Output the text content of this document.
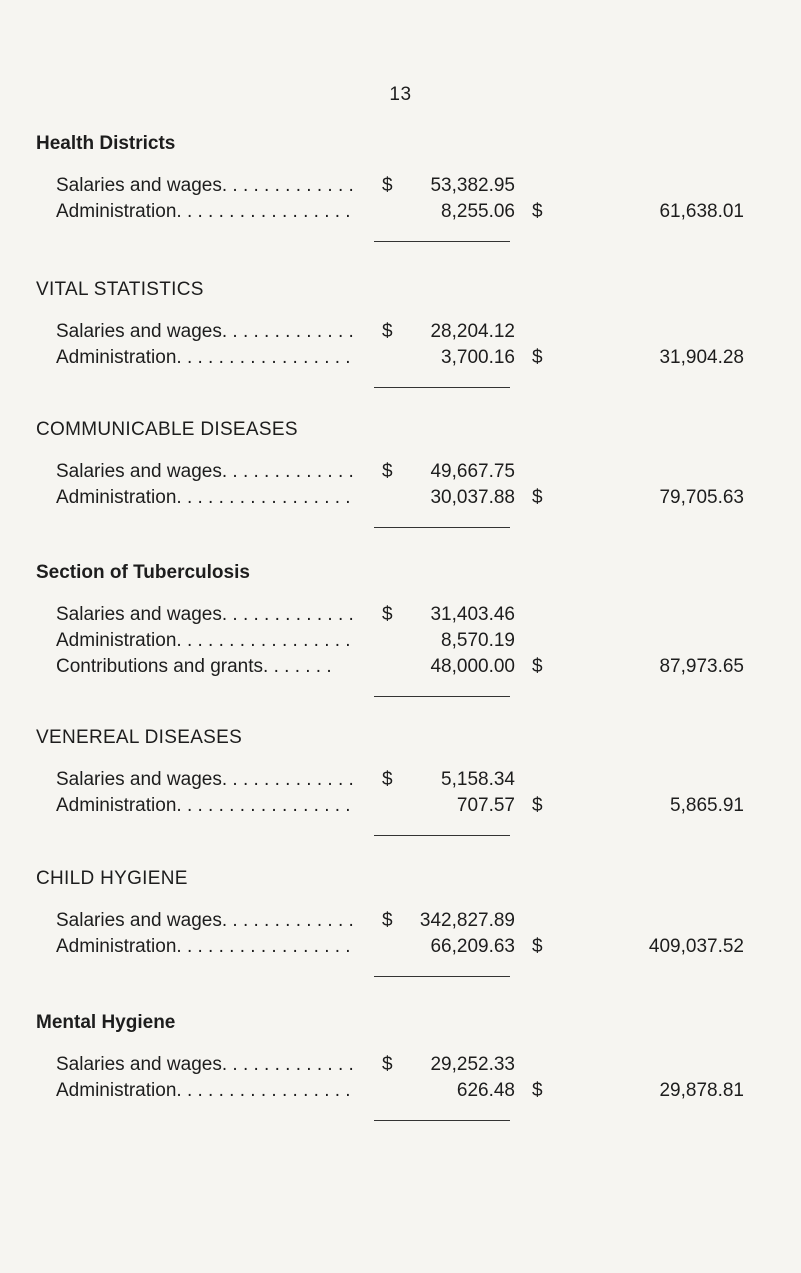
13
Health Districts
Salaries and wages. . . . . . . . . . . . . $ 53,382.95
Administration. . . . . . . . . . . . . . . . .	8,255.06 $	61,638.01
VITAL STATISTICS
Salaries and wages. . . . . . . . . . . . . $ 28,204.12
Administration. . . . . . . . . . . . . . . . .	3,700.16 $	31,904.28
COMMUNICABLE DISEASES
Salaries and wages. . . . . . . . . . . . . $ 49,667.75
Administration. . . . . . . . . . . . . . . . .	30,037.88 $	79,705.63
Section of Tuberculosis
Salaries and wages. . . . . . . . . . . . . $ 31,403.46
Administration. . . . . . . . . . . . . . . . .	8,570.19
Contributions and grants. . . . . . .	48,000.00 $	87,973.65
VENEREAL DISEASES
Salaries and wages. . . . . . . . . . . . . $	5,158.34
Administration. . . . . . . . . . . . . . . . .	707.57 $	5,865.91
CHILD HYGIENE
Salaries and wages. . . . . . . . . . . . . $ 342,827.89
Administration. . . . . . . . . . . . . . . . .	66,209.63 $	409,037.52
Mental Hygiene
Salaries and wages. . . . . . . . . . . . . $ 29,252.33
Administration. . . . . . . . . . . . . . . . .	626.48 $	29,878.81
